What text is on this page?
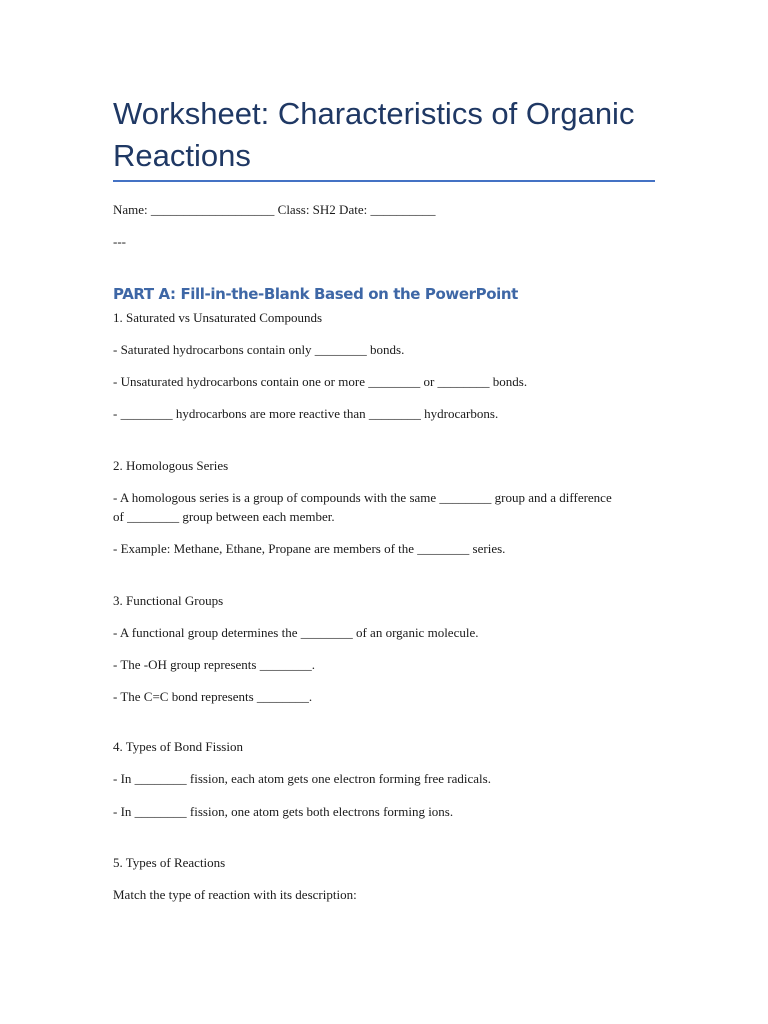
Worksheet: Characteristics of Organic Reactions
Name: ___________________ Class: SH2 Date: __________
---
PART A: Fill-in-the-Blank Based on the PowerPoint
1. Saturated vs Unsaturated Compounds
- Saturated hydrocarbons contain only ________ bonds.
- Unsaturated hydrocarbons contain one or more ________ or ________ bonds.
- ________ hydrocarbons are more reactive than ________ hydrocarbons.
2. Homologous Series
- A homologous series is a group of compounds with the same ________ group and a difference of ________ group between each member.
- Example: Methane, Ethane, Propane are members of the ________ series.
3. Functional Groups
- A functional group determines the ________ of an organic molecule.
- The -OH group represents ________.
- The C=C bond represents ________.
4. Types of Bond Fission
- In ________ fission, each atom gets one electron forming free radicals.
- In ________ fission, one atom gets both electrons forming ions.
5. Types of Reactions
Match the type of reaction with its description:
